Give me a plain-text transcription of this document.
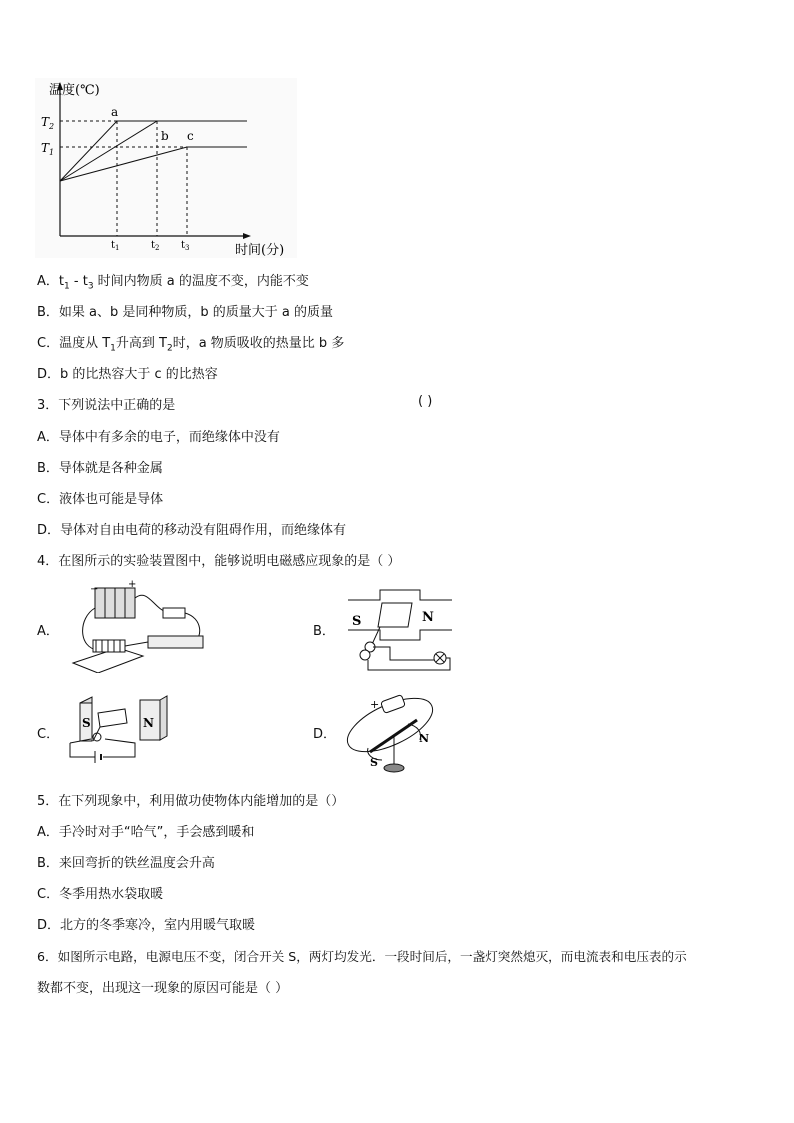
温度(℃)
时间(分)
$T_2$
$T_1$
a
b c
$t_1$	$t_2$ $t_3$
A．$t_1 - t_3$ 时间内物质 a 的温度不变，内能不变
B．如果 a、b 是同种物质，b 的质量大于 a 的质量
C．温度从 $T_1$升高到 $T_2$时，a 物质吸收的热量比 b 多
D．b 的比热容大于 c 的比热容
3．下列说法中正确的是	( )
A．导体中有多余的电子，而绝缘体中没有
B．导体就是各种金属
C．液体也可能是导体
D．导体对自由电荷的移动没有阻碍作用，而绝缘体有
4．在图所示的实验装置图中，能够说明电磁感应现象的是（ ）
A．	B．
C．	D．
+
−
S	N
S	N
+
N
S
5．在下列现象中，利用做功使物体内能增加的是（）
A．手冷时对手“哈气”，手会感到暖和
B．来回弯折的铁丝温度会升高
C．冬季用热水袋取暖
D．北方的冬季寒冷，室内用暖气取暖
6．如图所示电路，电源电压不变，闭合开关 S，两灯均发光．一段时间后，一盏灯突然熄灭，而电流表和电压表的示
数都不变，出现这一现象的原因可能是（ ）
